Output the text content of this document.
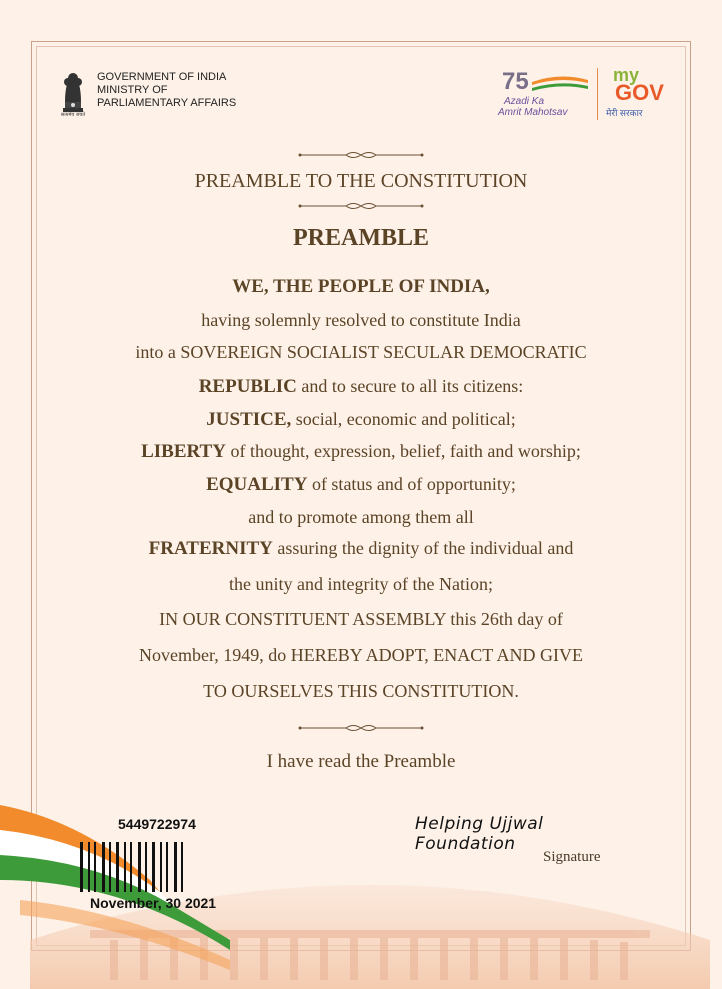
GOVERNMENT OF INDIA
MINISTRY OF
PARLIAMENTARY AFFAIRS
सत्यमेव जयते
75
Azadi Ka
Amrit Mahotsav
my
GOV
मेरी सरकार
PREAMBLE TO THE CONSTITUTION
PREAMBLE
WE, THE PEOPLE OF INDIA,
having solemnly resolved to constitute India
into a SOVEREIGN SOCIALIST SECULAR DEMOCRATIC
REPUBLIC and to secure to all its citizens:
JUSTICE, social, economic and political;
LIBERTY of thought, expression, belief, faith and worship;
EQUALITY of status and of opportunity;
and to promote among them all
FRATERNITY assuring the dignity of the individual and
the unity and integrity of the Nation;
IN OUR CONSTITUENT ASSEMBLY this 26th day of
November, 1949, do HEREBY ADOPT, ENACT AND GIVE
TO OURSELVES THIS CONSTITUTION.
I have read the Preamble
5449722974
November, 30 2021
Helping Ujjwal Foundation
Signature
